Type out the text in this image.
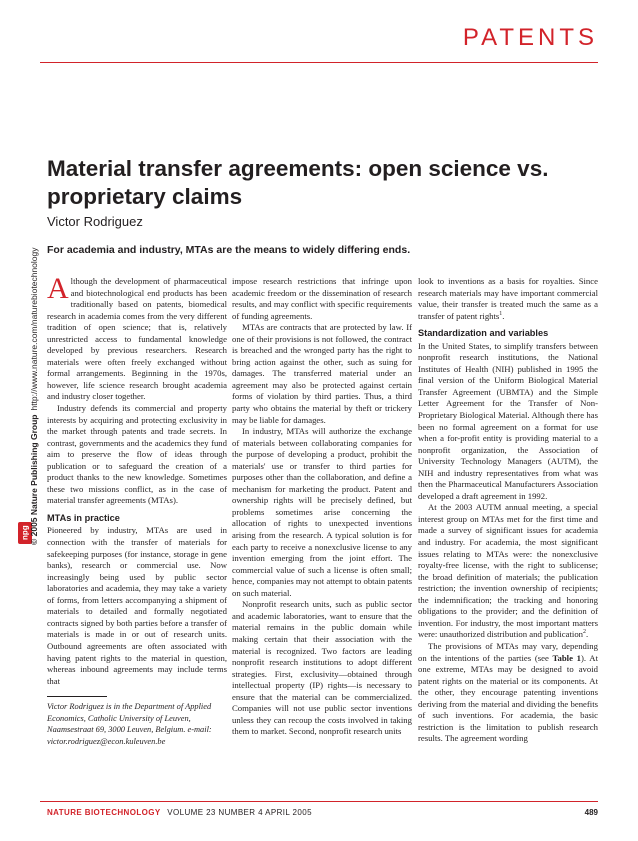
PATENTS
npg © 2005 Nature Publishing Group
http://www.nature.com/naturebiotechnology
Material transfer agreements: open science vs. proprietary claims
Victor Rodriguez
For academia and industry, MTAs are the means to widely differing ends.

Although the development of pharmaceutical and biotechnological end products has been traditionally based on patents, biomedical research in academia comes from the very different tradition of open science; that is, relatively unrestricted access to fundamental knowledge developed by previous researchers. Research materials were often freely exchanged without formal arrangements. Beginning in the 1970s, however, life science research brought academia and industry closer together.

Industry defends its commercial and property interests by acquiring and protecting exclusivity in the market through patents and trade secrets. In contrast, governments and the academics they fund aim to preserve the flow of ideas through publication or to safeguard the creation of a product thanks to the new knowledge. Sometimes these two missions conflict, as in the case of material transfer agreements (MTAs).

MTAs in practice

Pioneered by industry, MTAs are used in connection with the transfer of materials for safekeeping purposes (for instance, storage in gene banks), research or commercial use. Now increasingly being used by public sector laboratories and academia, they may take a variety of forms, from letters accompanying a shipment of materials to detailed and formally negotiated contracts signed by both parties before a transfer of materials is made in or out of research units. Outbound agreements are often associated with having patent rights to the material in question, whereas inbound agreements may include terms that

Victor Rodriguez is in the Department of Applied Economics, Catholic University of Leuven, Naamsestraat 69, 3000 Leuven, Belgium. e-mail: victor.rodriguez@econ.kuleuven.be

impose research restrictions that infringe upon academic freedom or the dissemination of research results, and may conflict with specific requirements of funding agreements.

MTAs are contracts that are protected by law. If one of their provisions is not followed, the contract is breached and the wronged party has the right to bring action against the other, such as suing for damages. The transferred material under an agreement may also be protected against certain forms of violation by third parties. Thus, a third party who obtains the material by theft or trickery may be liable for damages.

In industry, MTAs will authorize the exchange of materials between collaborating companies for the purpose of developing a product, prohibit the materials' use or transfer to third parties for purposes other than the collaboration, and define a mechanism for marketing the product. Patent and ownership rights will be precisely defined, but problems sometimes arise concerning the allocation of rights to unexpected inventions arising from the research. A typical solution is for each party to receive a nonexclusive license to any invention emerging from the joint effort. The commercial value of such a license is often small; hence, companies may not attempt to obtain patents on such material.

Nonprofit research units, such as public sector and academic laboratories, want to ensure that the material remains in the public domain while making certain that their association with the material is recognized. Two factors are leading nonprofit research institutions to adopt different strategies. First, exclusivity—obtained through intellectual property (IP) rights—is necessary to ensure that the material can be commercialized. Companies will not use public sector inventions unless they can recoup the costs involved in taking them to market. Second, nonprofit research units

look to inventions as a basis for royalties. Since research materials may have important commercial value, their transfer is treated much the same as a transfer of patent rights$^1$.

Standardization and variables

In the United States, to simplify transfers between nonprofit research institutions, the National Institutes of Health (NIH) published in 1995 the final version of the Uniform Biological Material Transfer Agreement (UBMTA) and the Simple Letter Agreement for the Transfer of Non-Proprietary Biological Material. Although there has been no formal agreement on a format for use when a for-profit entity is providing material to a nonprofit organization, the Association of University Technology Managers (AUTM), the NIH and industry representatives from what was then the Pharmaceutical Manufacturers Association developed a draft agreement in 1992.

At the 2003 AUTM annual meeting, a special interest group on MTAs met for the first time and made a survey of significant issues for academia and industry. For academia, the most significant issues relating to MTAs were: the nonexclusive royalty-free license, with the right to sublicense; the broad definition of materials; the publication restriction; the invention ownership of recipients; the indemnification; the tracking and honoring obligations to the provider; and the definition of invention. For industry, the most important matters were: unauthorized distribution and publication$^2$.

The provisions of MTAs may vary, depending on the intentions of the parties (see Table 1). At one extreme, MTAs may be designed to avoid patent rights on the material or its components. At the other, they encourage patenting inventions deriving from the material and dividing the benefits of such inventions. For academia, the basic restriction is the limitation to publish research results. The agreement wording

NATURE BIOTECHNOLOGY VOLUME 23 NUMBER 4 APRIL 2005	489
